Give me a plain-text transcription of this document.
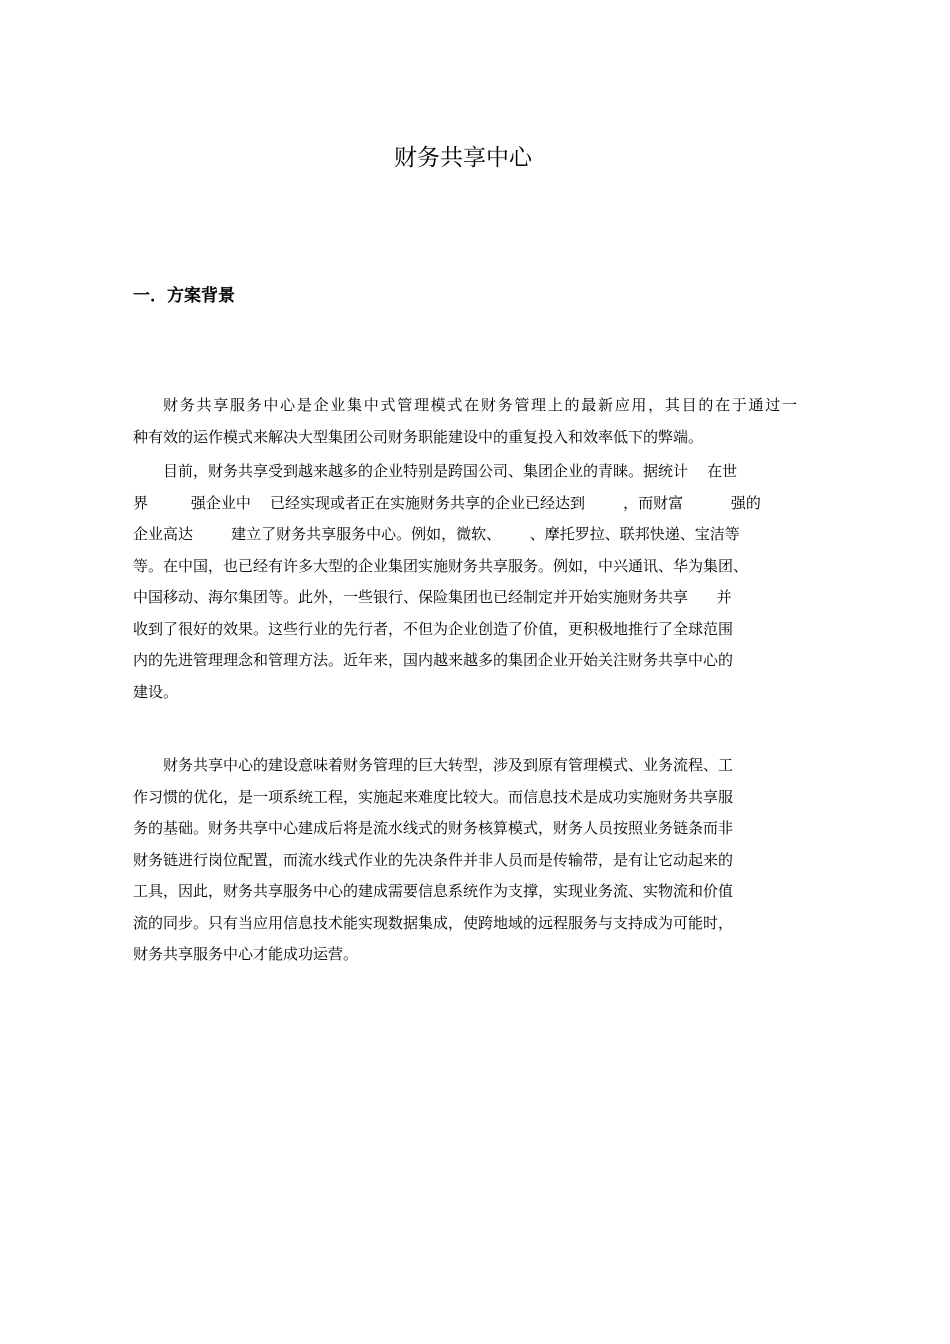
财务共享中心
一．方案背景
财务共享服务中心是企业集中式管理模式在财务管理上的最新应用，其目的在于通过一
种有效的运作模式来解决大型集团公司财务职能建设中的重复投入和效率低下的弊端。
目前，财务共享受到越来越多的企业特别是跨国公司、集团企业的青睐。据统计    在世
界         强企业中    已经实现或者正在实施财务共享的企业已经达到        ，而财富          强的
企业高达        建立了财务共享服务中心。例如，微软、      、摩托罗拉、联邦快递、宝洁等
等。在中国，也已经有许多大型的企业集团实施财务共享服务。例如，中兴通讯、华为集团、
中国移动、海尔集团等。此外，一些银行、保险集团也已经制定并开始实施财务共享      并
收到了很好的效果。这些行业的先行者，不但为企业创造了价值，更积极地推行了全球范围
内的先进管理理念和管理方法。近年来，国内越来越多的集团企业开始关注财务共享中心的
建设。
财务共享中心的建设意味着财务管理的巨大转型，涉及到原有管理模式、业务流程、工
作习惯的优化，是一项系统工程，实施起来难度比较大。而信息技术是成功实施财务共享服
务的基础。财务共享中心建成后将是流水线式的财务核算模式，财务人员按照业务链条而非
财务链进行岗位配置，而流水线式作业的先决条件并非人员而是传输带，是有让它动起来的
工具，因此，财务共享服务中心的建成需要信息系统作为支撑，实现业务流、实物流和价值
流的同步。只有当应用信息技术能实现数据集成，使跨地域的远程服务与支持成为可能时，
财务共享服务中心才能成功运营。
